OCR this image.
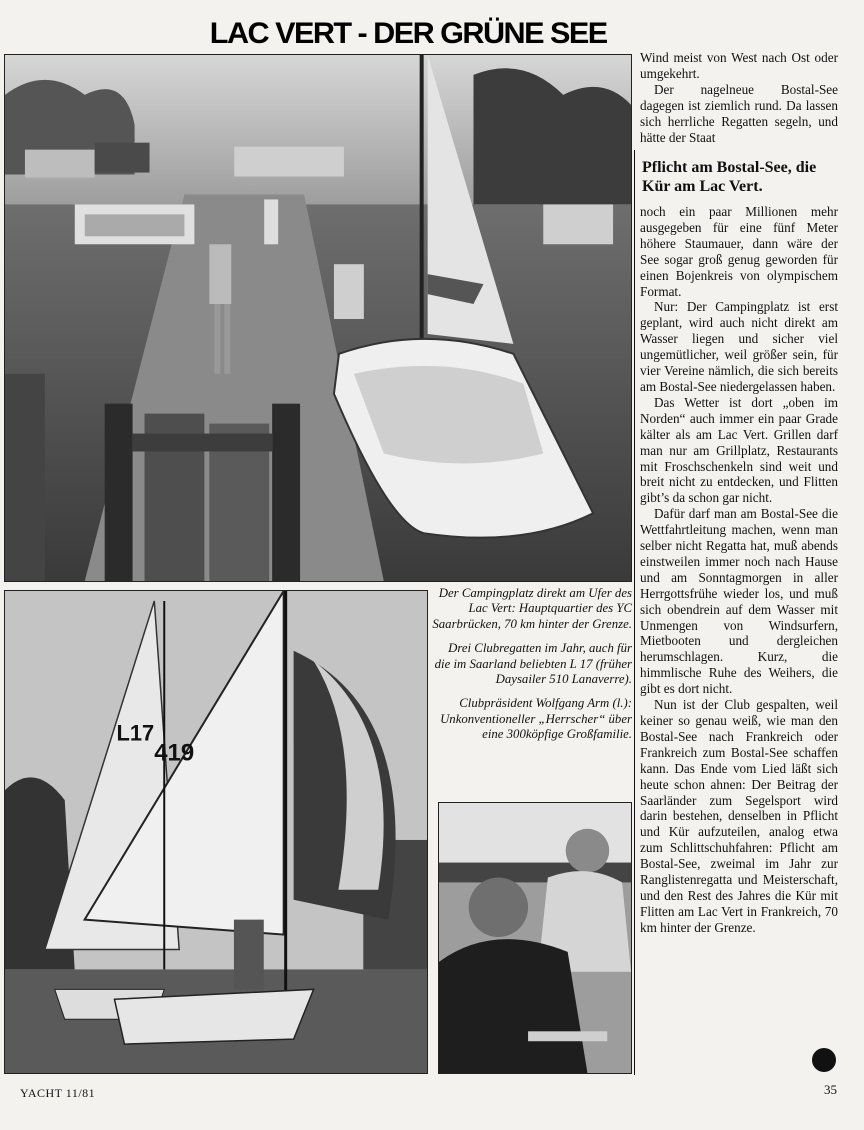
LAC VERT - DER GRÜNE SEE
L17
419

Wind meist von West nach Ost oder umgekehrt.

Der nagelneue Bostal-See dagegen ist ziemlich rund. Da lassen sich herrliche Regatten segeln, und hätte der Staat

Pflicht am Bostal-See, die Kür am Lac Vert.

noch ein paar Millionen mehr ausgegeben für eine fünf Meter höhere Staumauer, dann wäre der See sogar groß genug geworden für einen Bojenkreis von olympischem Format.

Nur: Der Campingplatz ist erst geplant, wird auch nicht direkt am Wasser liegen und sicher viel ungemütlicher, weil größer sein, für vier Vereine nämlich, die sich bereits am Bostal-See niedergelassen haben.

Das Wetter ist dort „oben im Norden“ auch immer ein paar Grade kälter als am Lac Vert. Grillen darf man nur am Grillplatz, Restaurants mit Froschschenkeln sind weit und breit nicht zu entdecken, und Flitten gibt’s da schon gar nicht.

Dafür darf man am Bostal-See die Wettfahrtleitung machen, wenn man selber nicht Regatta hat, muß abends einstweilen immer noch nach Hause und am Sonntagmorgen in aller Herrgottsfrühe wieder los, und muß sich obendrein auf dem Wasser mit Unmengen von Windsurfern, Mietbooten und dergleichen herumschlagen. Kurz, die himmlische Ruhe des Weihers, die gibt es dort nicht.

Nun ist der Club gespalten, weil keiner so genau weiß, wie man den Bostal-See nach Frankreich oder Frankreich zum Bostal-See schaffen kann. Das Ende vom Lied läßt sich heute schon ahnen: Der Beitrag der Saarländer zum Segelsport wird darin bestehen, denselben in Pflicht und Kür aufzuteilen, analog etwa zum Schlittschuhfahren: Pflicht am Bostal-See, zweimal im Jahr zur Ranglistenregatta und Meisterschaft, und den Rest des Jahres die Kür mit Flitten am Lac Vert in Frankreich, 70 km hinter der Grenze.

Der Campingplatz direkt am Ufer des Lac Vert: Hauptquartier des YC Saarbrücken, 70 km hinter der Grenze.

Drei Clubregatten im Jahr, auch für die im Saarland beliebten L 17 (früher Daysailer 510 Lanaverre).

Clubpräsident Wolfgang Arm (l.): Unkonventioneller „Herrscher“ über eine 300köpfige Großfamilie.

YACHT 11/81	35
